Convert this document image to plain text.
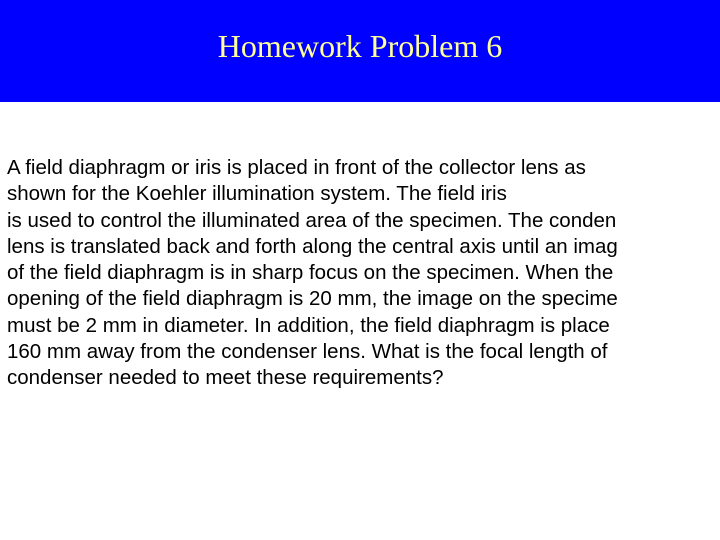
Homework Problem 6
A field diaphragm or iris is placed in front of the collector lens as
shown for the Koehler illumination system. The field iris
is used to control the illuminated area of the specimen. The conden
lens is translated back and forth along the central axis until an imag
of the field diaphragm is in sharp focus on the specimen. When the
opening of the field diaphragm is 20 mm, the image on the specime
must be 2 mm in diameter. In addition, the field diaphragm is place
160 mm away from the condenser lens. What is the focal length of
condenser needed to meet these requirements?
